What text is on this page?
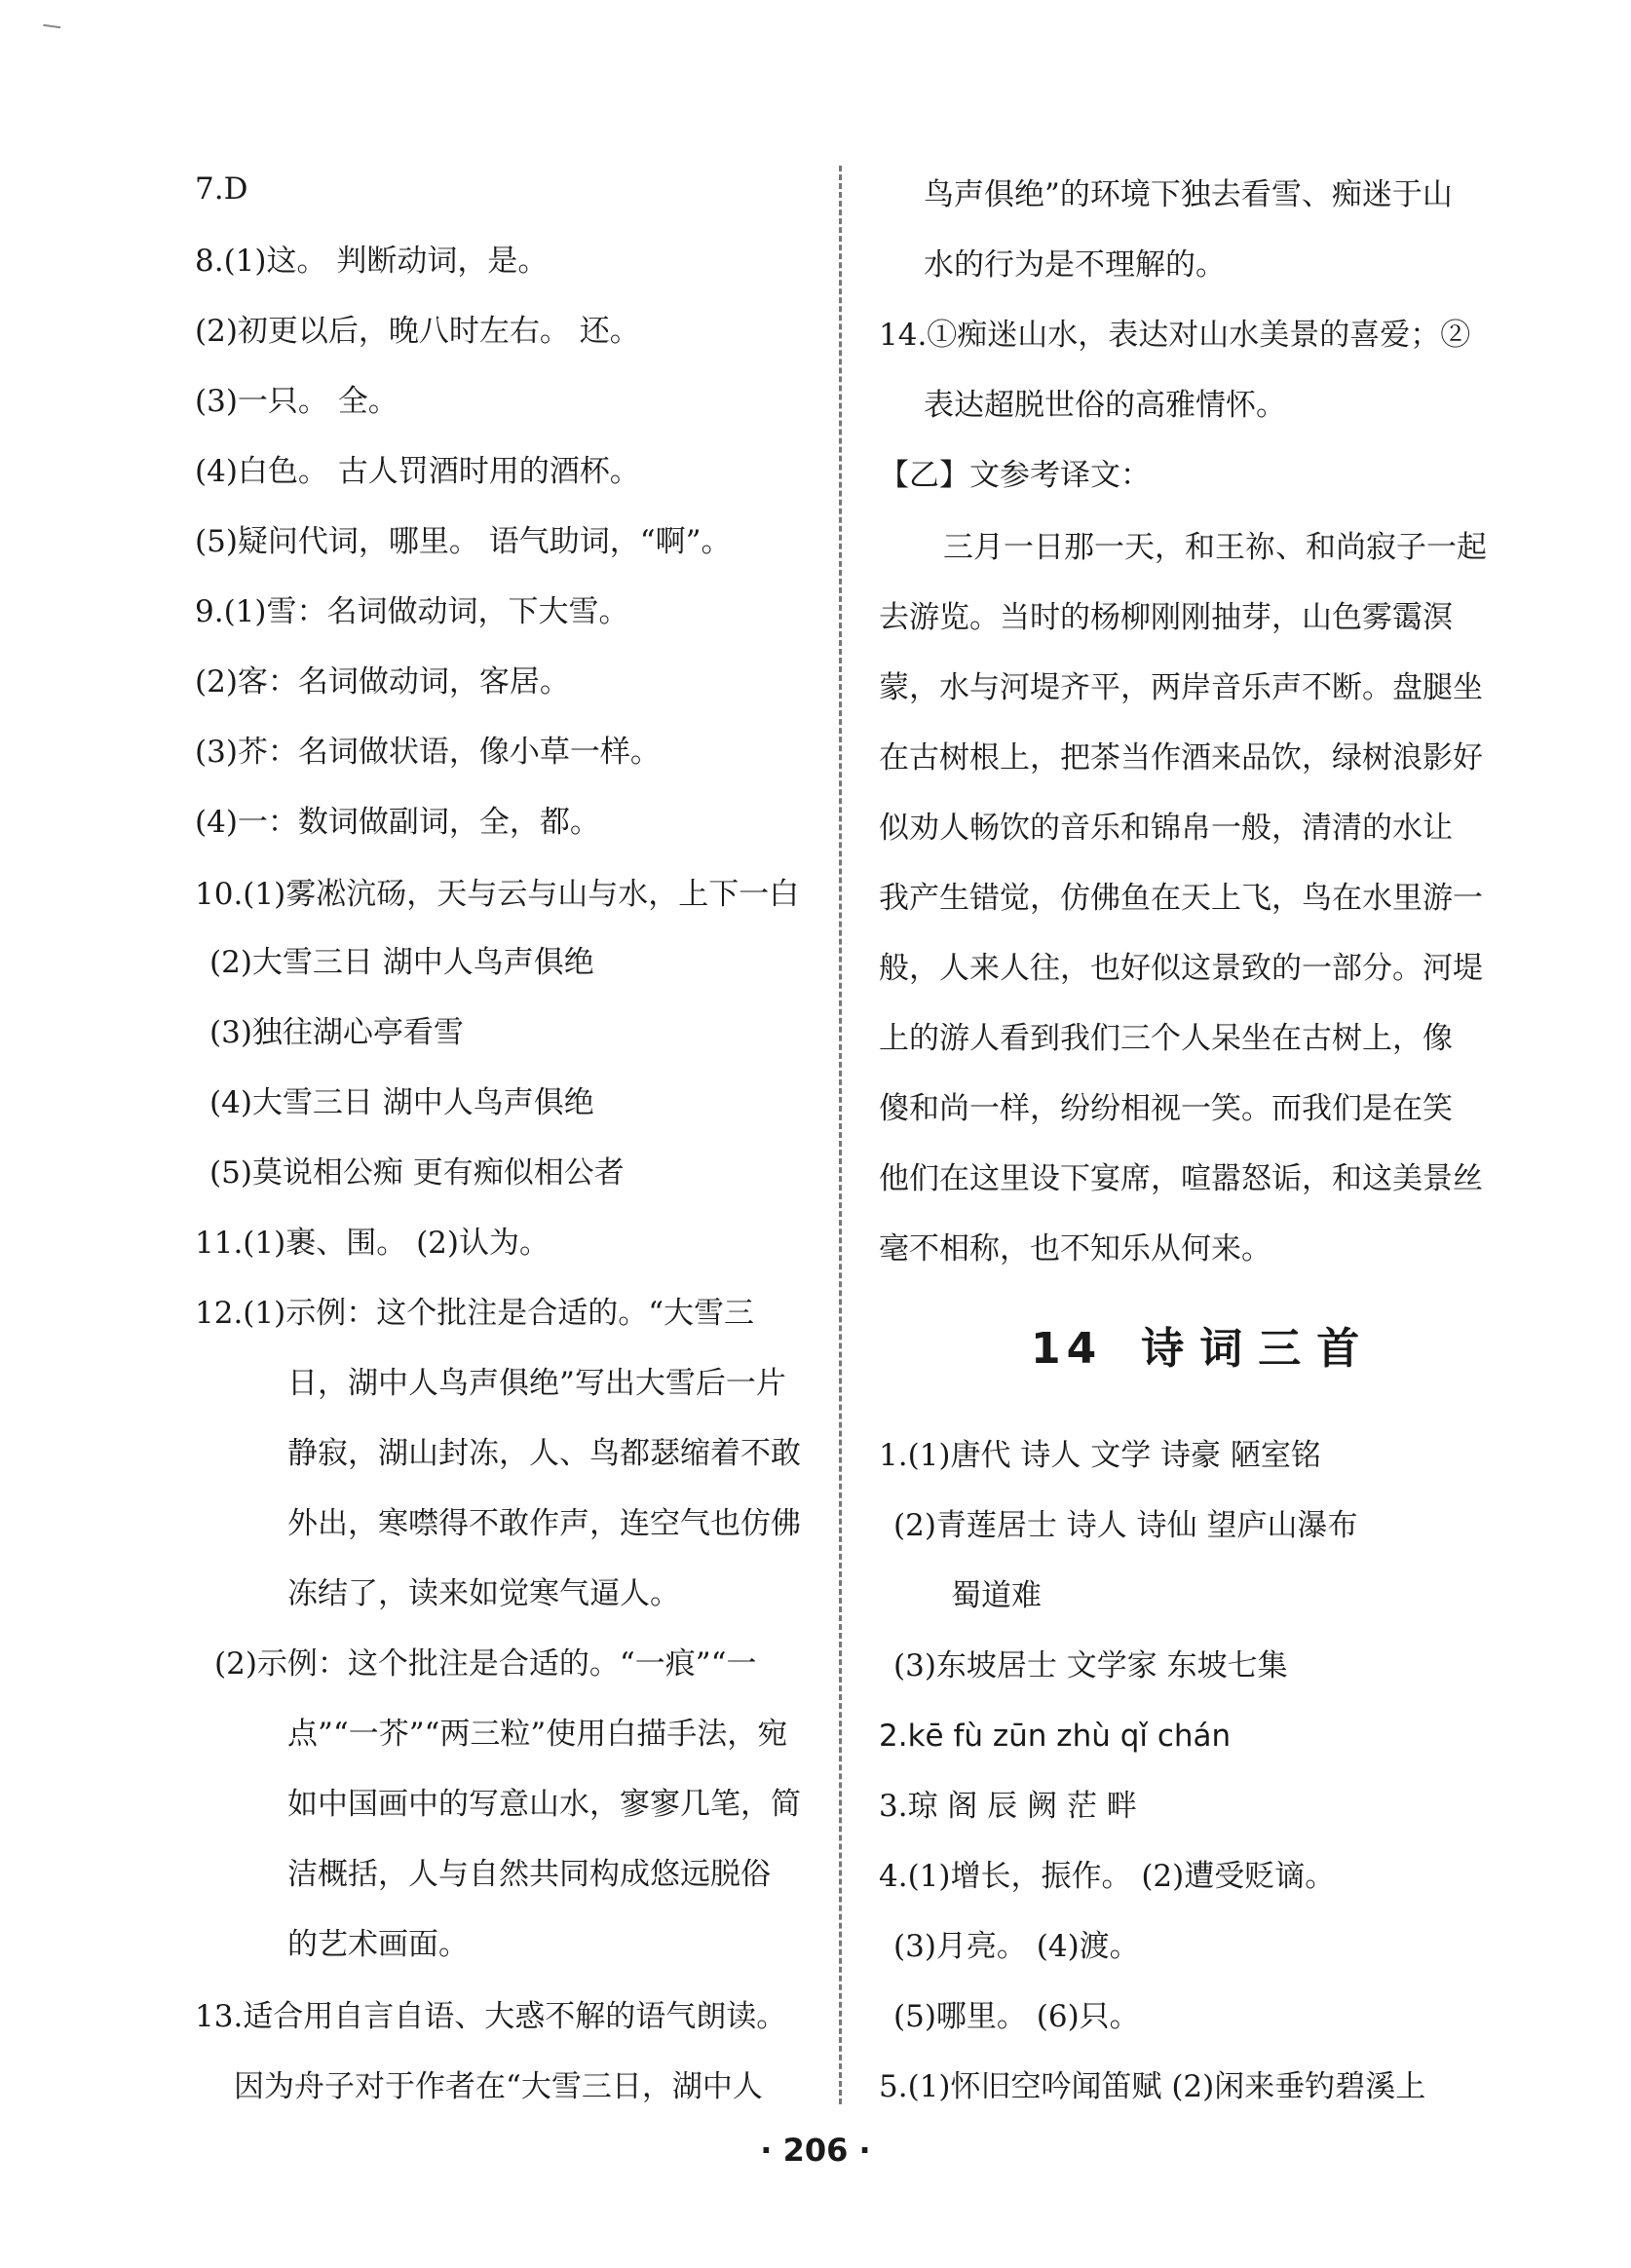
7.D
8.(1)这。 判断动词，是。
(2)初更以后，晚八时左右。 还。
(3)一只。 全。
(4)白色。 古人罚酒时用的酒杯。
(5)疑问代词，哪里。 语气助词，“啊”。
9.(1)雪：名词做动词，下大雪。
(2)客：名词做动词，客居。
(3)芥：名词做状语，像小草一样。
(4)一：数词做副词，全，都。
10.(1)雾凇沆砀，天与云与山与水，上下一白
(2)大雪三日 湖中人鸟声俱绝
(3)独往湖心亭看雪
(4)大雪三日 湖中人鸟声俱绝
(5)莫说相公痴 更有痴似相公者
11.(1)裹、围。 (2)认为。
12.(1)示例：这个批注是合适的。“大雪三
日，湖中人鸟声俱绝”写出大雪后一片
静寂，湖山封冻，人、鸟都瑟缩着不敢
外出，寒噤得不敢作声，连空气也仿佛
冻结了，读来如觉寒气逼人。
(2)示例：这个批注是合适的。“一痕”“一
点”“一芥”“两三粒”使用白描手法，宛
如中国画中的写意山水，寥寥几笔，简
洁概括，人与自然共同构成悠远脱俗
的艺术画面。
13.适合用自言自语、大惑不解的语气朗读。
因为舟子对于作者在“大雪三日，湖中人
鸟声俱绝”的环境下独去看雪、痴迷于山
水的行为是不理解的。
14.①痴迷山水，表达对山水美景的喜爱；②
表达超脱世俗的高雅情怀。
【乙】文参考译文：
三月一日那一天，和王祢、和尚寂子一起
去游览。当时的杨柳刚刚抽芽，山色雾霭溟
蒙，水与河堤齐平，两岸音乐声不断。盘腿坐
在古树根上，把茶当作酒来品饮，绿树浪影好
似劝人畅饮的音乐和锦帛一般，清清的水让
我产生错觉，仿佛鱼在天上飞，鸟在水里游一
般，人来人往，也好似这景致的一部分。河堤
上的游人看到我们三个人呆坐在古树上，像
傻和尚一样，纷纷相视一笑。而我们是在笑
他们在这里设下宴席，喧嚣怒诟，和这美景丝
毫不相称，也不知乐从何来。
14 诗词三首
1.(1)唐代 诗人 文学 诗豪 陋室铭
(2)青莲居士 诗人 诗仙 望庐山瀑布
蜀道难
(3)东坡居士 文学家 东坡七集
2.kē fù zūn zhù qǐ chán
3.琼 阁 辰 阙 茫 畔
4.(1)增长，振作。 (2)遭受贬谪。
(3)月亮。 (4)渡。
(5)哪里。 (6)只。
5.(1)怀旧空吟闻笛赋 (2)闲来垂钓碧溪上
· 206 ·
